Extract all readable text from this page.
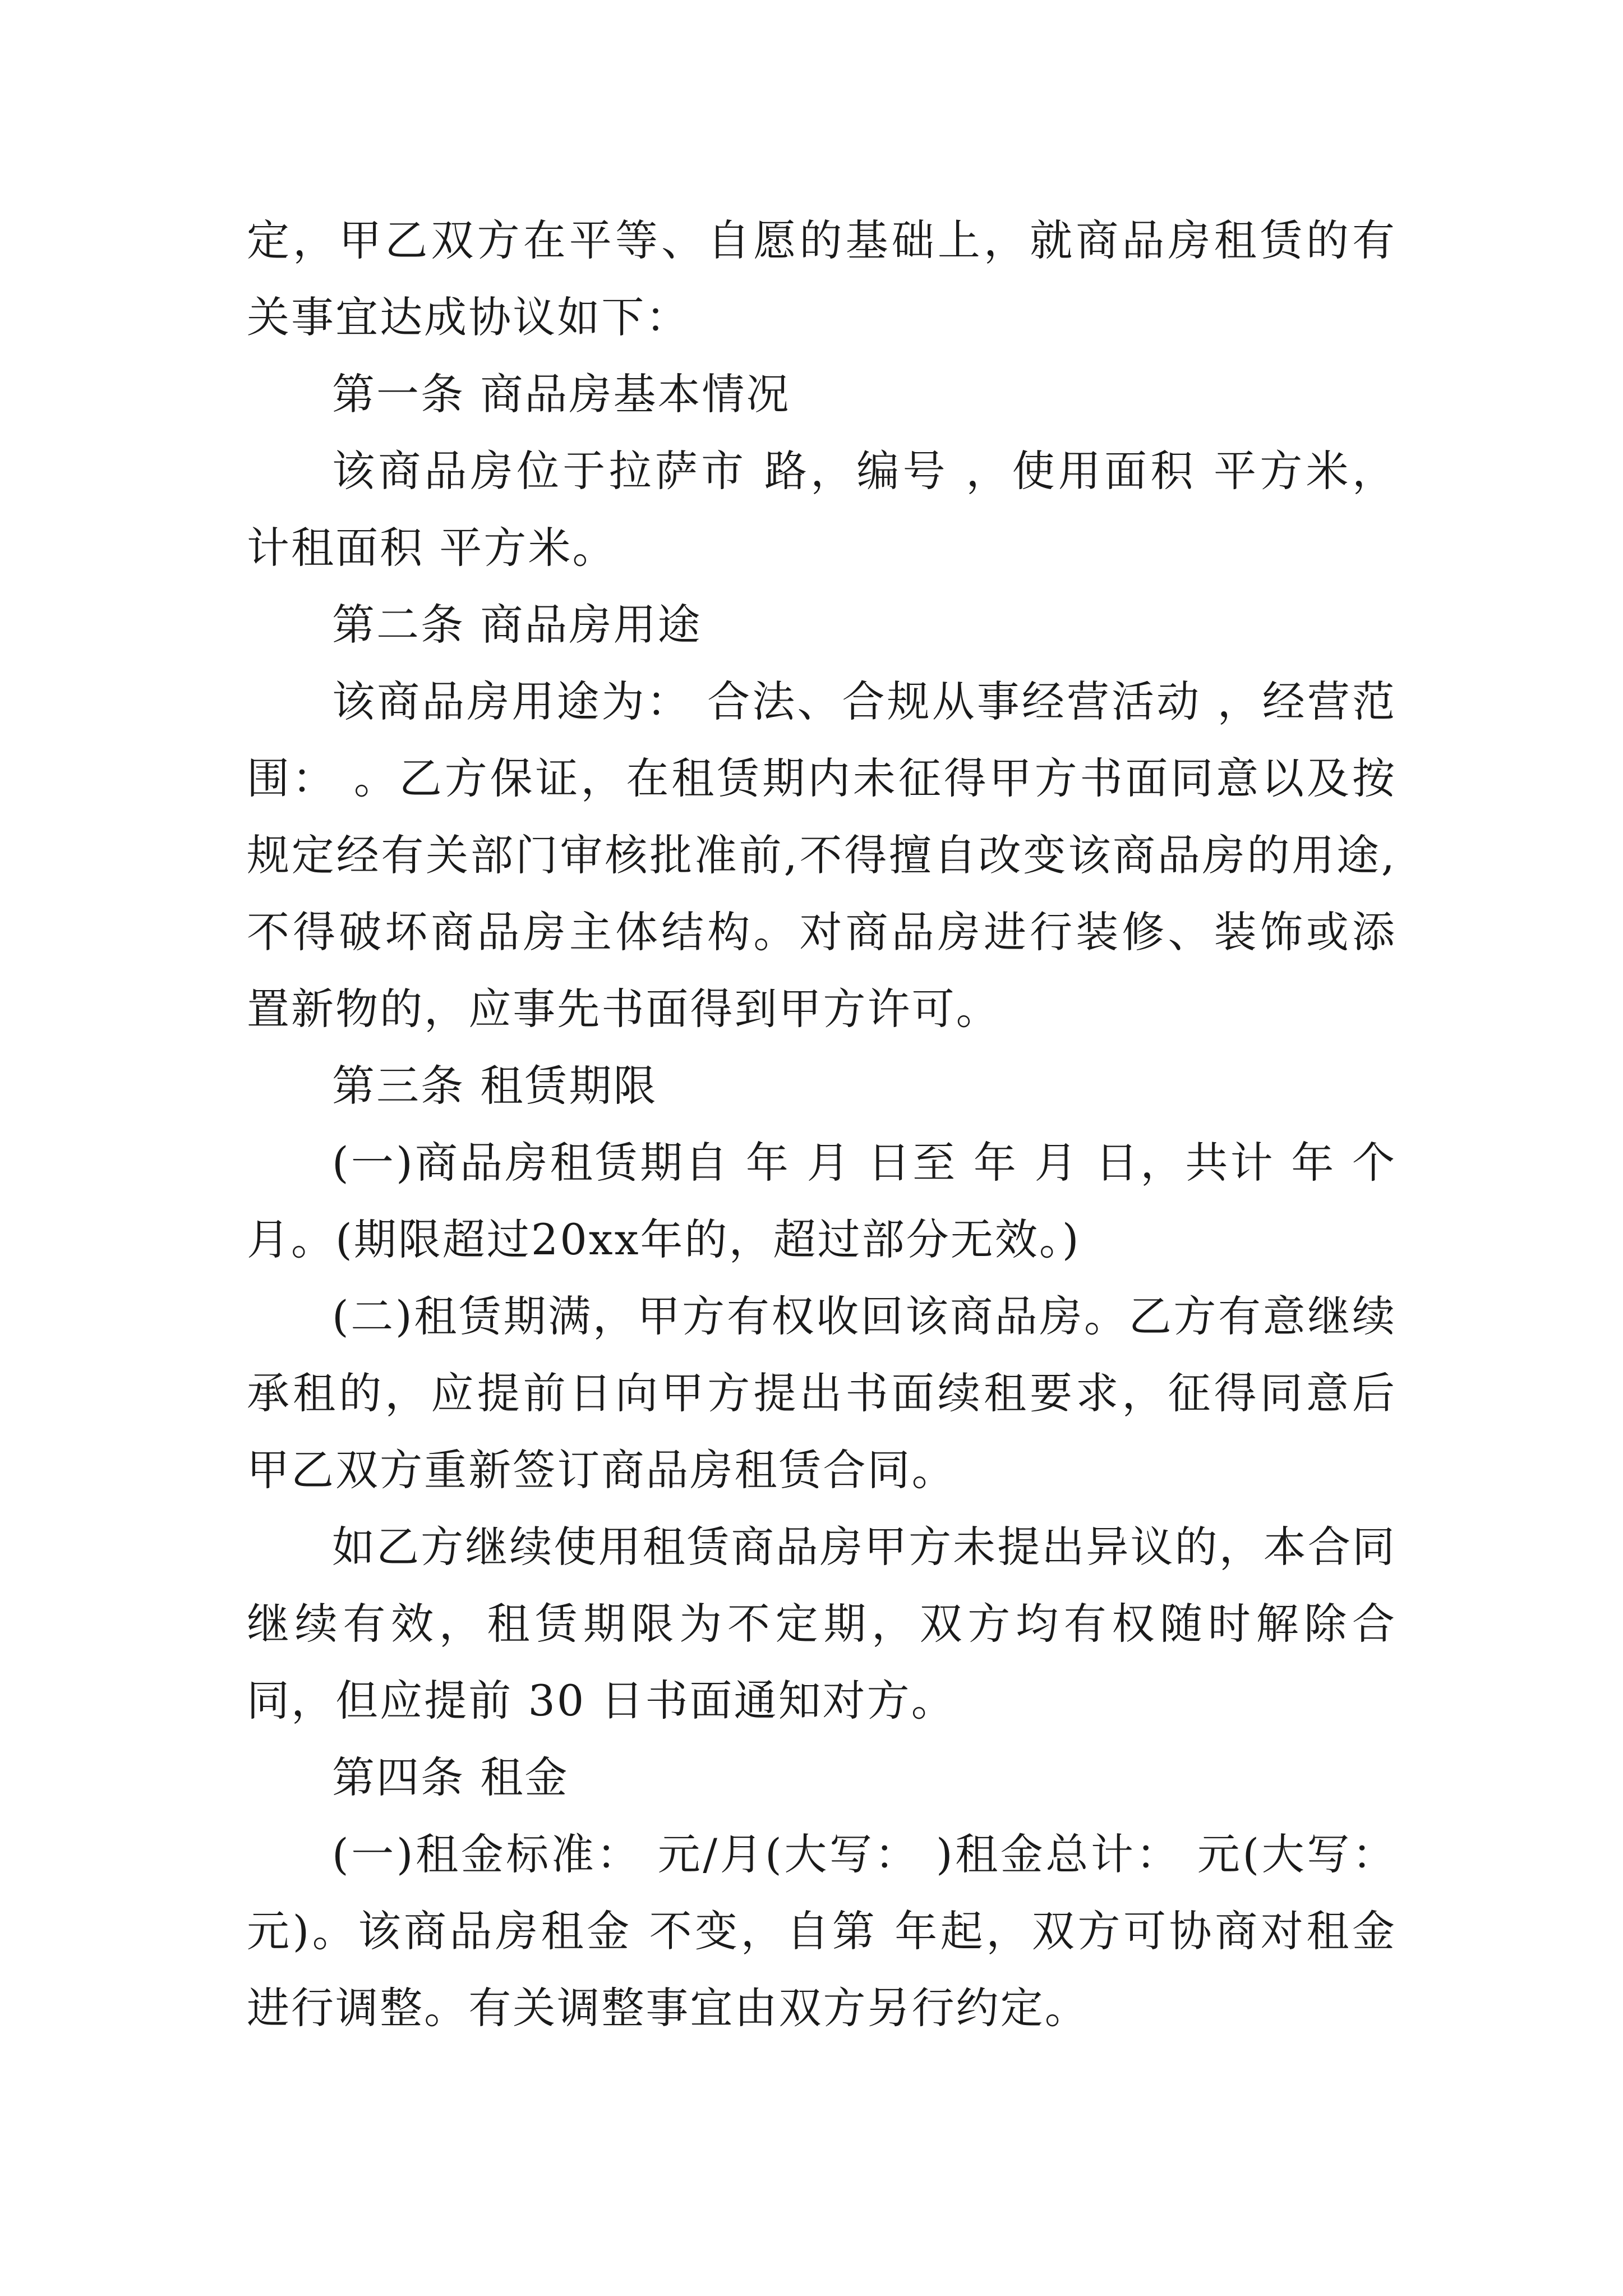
定，甲乙双方在平等、自愿的基础上，就商品房租赁的有关事宜达成协议如下：

第一条 商品房基本情况

该商品房位于拉萨市 路，编号 ，使用面积 平方米，计租面积 平方米。

第二条 商品房用途

该商品房用途为： 合法、合规从事经营活动 ，经营范围： 。乙方保证，在租赁期内未征得甲方书面同意以及按规定经有关部门审核批准前,不得擅自改变该商品房的用途,不得破坏商品房主体结构。对商品房进行装修、装饰或添置新物的，应事先书面得到甲方许可。

第三条 租赁期限

(一)商品房租赁期自 年 月 日至 年 月 日，共计 年 个月。(期限超过20xx年的，超过部分无效。)

(二)租赁期满，甲方有权收回该商品房。乙方有意继续承租的，应提前日向甲方提出书面续租要求，征得同意后甲乙双方重新签订商品房租赁合同。

如乙方继续使用租赁商品房甲方未提出异议的，本合同继续有效，租赁期限为不定期，双方均有权随时解除合同，但应提前 30 日书面通知对方。

第四条 租金

(一)租金标准： 元/月(大写： )租金总计： 元(大写：元)。该商品房租金 不变，自第 年起，双方可协商对租金进行调整。有关调整事宜由双方另行约定。
